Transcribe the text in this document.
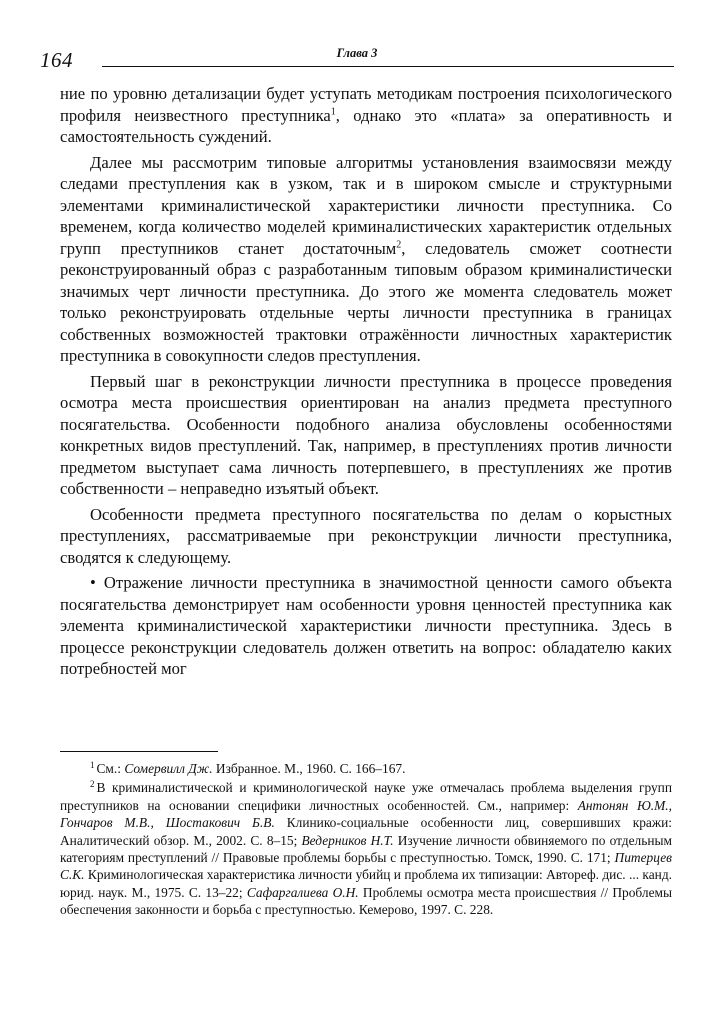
164	Глава 3

ние по уровню детализации будет уступать методикам построения психологического профиля неизвестного преступника$^1$, однако это «плата» за оперативность и самостоятельность суждений.

Далее мы рассмотрим типовые алгоритмы установления взаимосвязи между следами преступления как в узком, так и в широком смысле и структурными элементами криминалистической характеристики личности преступника. Со временем, когда количество моделей криминалистических характеристик отдельных групп преступников станет достаточным$^2$, следователь сможет соотнести реконструированный образ с разработанным типовым образом криминалистически значимых черт личности преступника. До этого же момента следователь может только реконструировать отдельные черты личности преступника в границах собственных возможностей трактовки отражённости личностных характеристик преступника в совокупности следов преступления.

Первый шаг в реконструкции личности преступника в процессе проведения осмотра места происшествия ориентирован на анализ предмета преступного посягательства. Особенности подобного анализа обусловлены особенностями конкретных видов преступлений. Так, например, в преступлениях против личности предметом выступает сама личность потерпевшего, в преступлениях же против собственности – неправедно изъятый объект.

Особенности предмета преступного посягательства по делам о корыстных преступлениях, рассматриваемые при реконструкции личности преступника, сводятся к следующему.

• Отражение личности преступника в значимостной ценности самого объекта посягательства демонстрирует нам особенности уровня ценностей преступника как элемента криминалистической характеристики личности преступника. Здесь в процессе реконструкции следователь должен ответить на вопрос: обладателю каких потребностей мог

$^1$ См.: Сомервилл Дж. Избранное. М., 1960. С. 166–167.

$^2$ В криминалистической и криминологической науке уже отмечалась проблема выделения групп преступников на основании специфики личностных особенностей. См., например: Антонян Ю.М., Гончаров М.В., Шостакович Б.В. Клинико-социальные особенности лиц, совершивших кражи: Аналитический обзор. М., 2002. С. 8–15; Ведерников Н.Т. Изучение личности обвиняемого по отдельным категориям преступлений // Правовые проблемы борьбы с преступностью. Томск, 1990. С. 171; Питерцев С.К. Криминологическая характеристика личности убийц и проблема их типизации: Автореф. дис. ... канд. юрид. наук. М., 1975. С. 13–22; Сафаргалиева О.Н. Проблемы осмотра места происшествия // Проблемы обеспечения законности и борьба с преступностью. Кемерово, 1997. С. 228.
